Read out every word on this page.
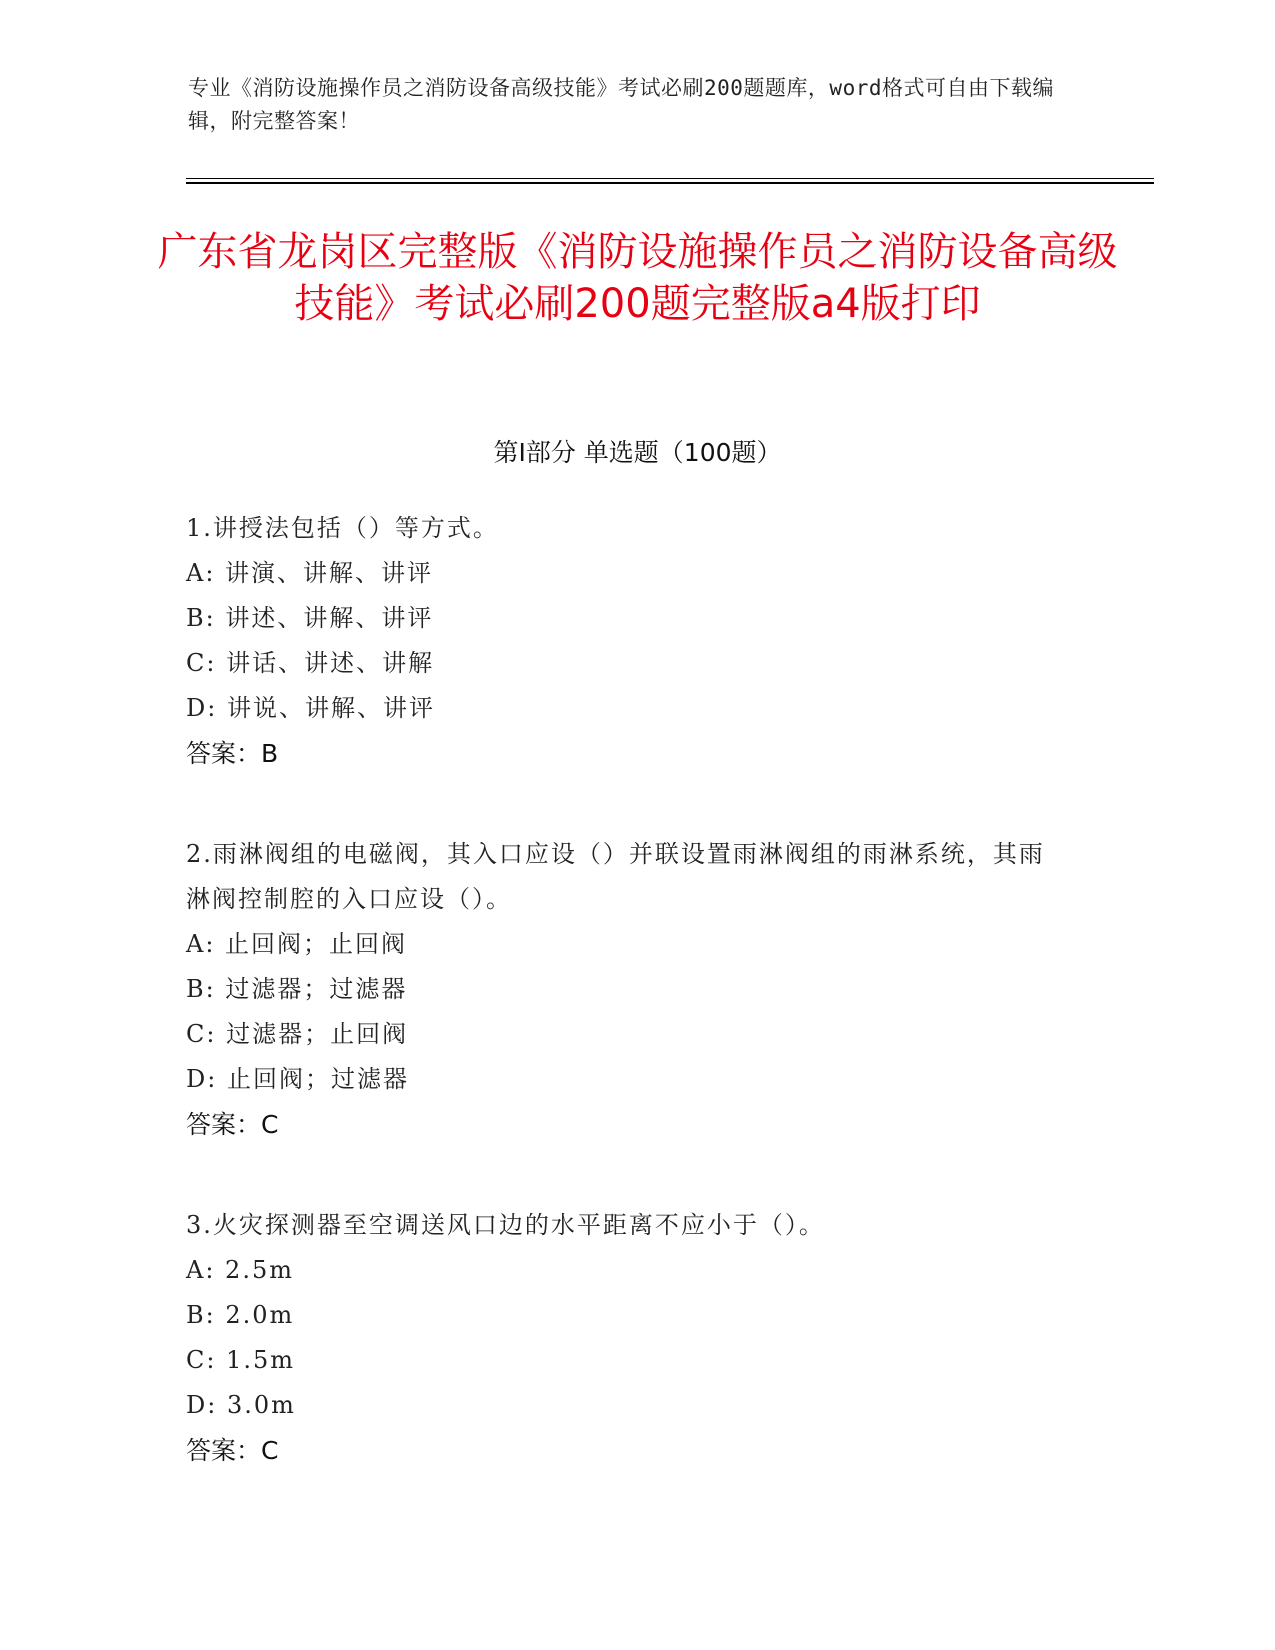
专业《消防设施操作员之消防设备高级技能》考试必刷200题题库，word格式可自由下载编辑，附完整答案！
广东省龙岗区完整版《消防设施操作员之消防设备高级技能》考试必刷200题完整版a4版打印
第I部分 单选题（100题）

1.讲授法包括（）等方式。

A: 讲演、讲解、讲评

B: 讲述、讲解、讲评

C: 讲话、讲述、讲解

D: 讲说、讲解、讲评

答案：B

2.雨淋阀组的电磁阀，其入口应设（）并联设置雨淋阀组的雨淋系统，其雨淋阀控制腔的入口应设（）。

A: 止回阀；止回阀

B: 过滤器；过滤器

C: 过滤器；止回阀

D: 止回阀；过滤器

答案：C

3.火灾探测器至空调送风口边的水平距离不应小于（）。

A: 2.5m

B: 2.0m

C: 1.5m

D: 3.0m

答案：C
